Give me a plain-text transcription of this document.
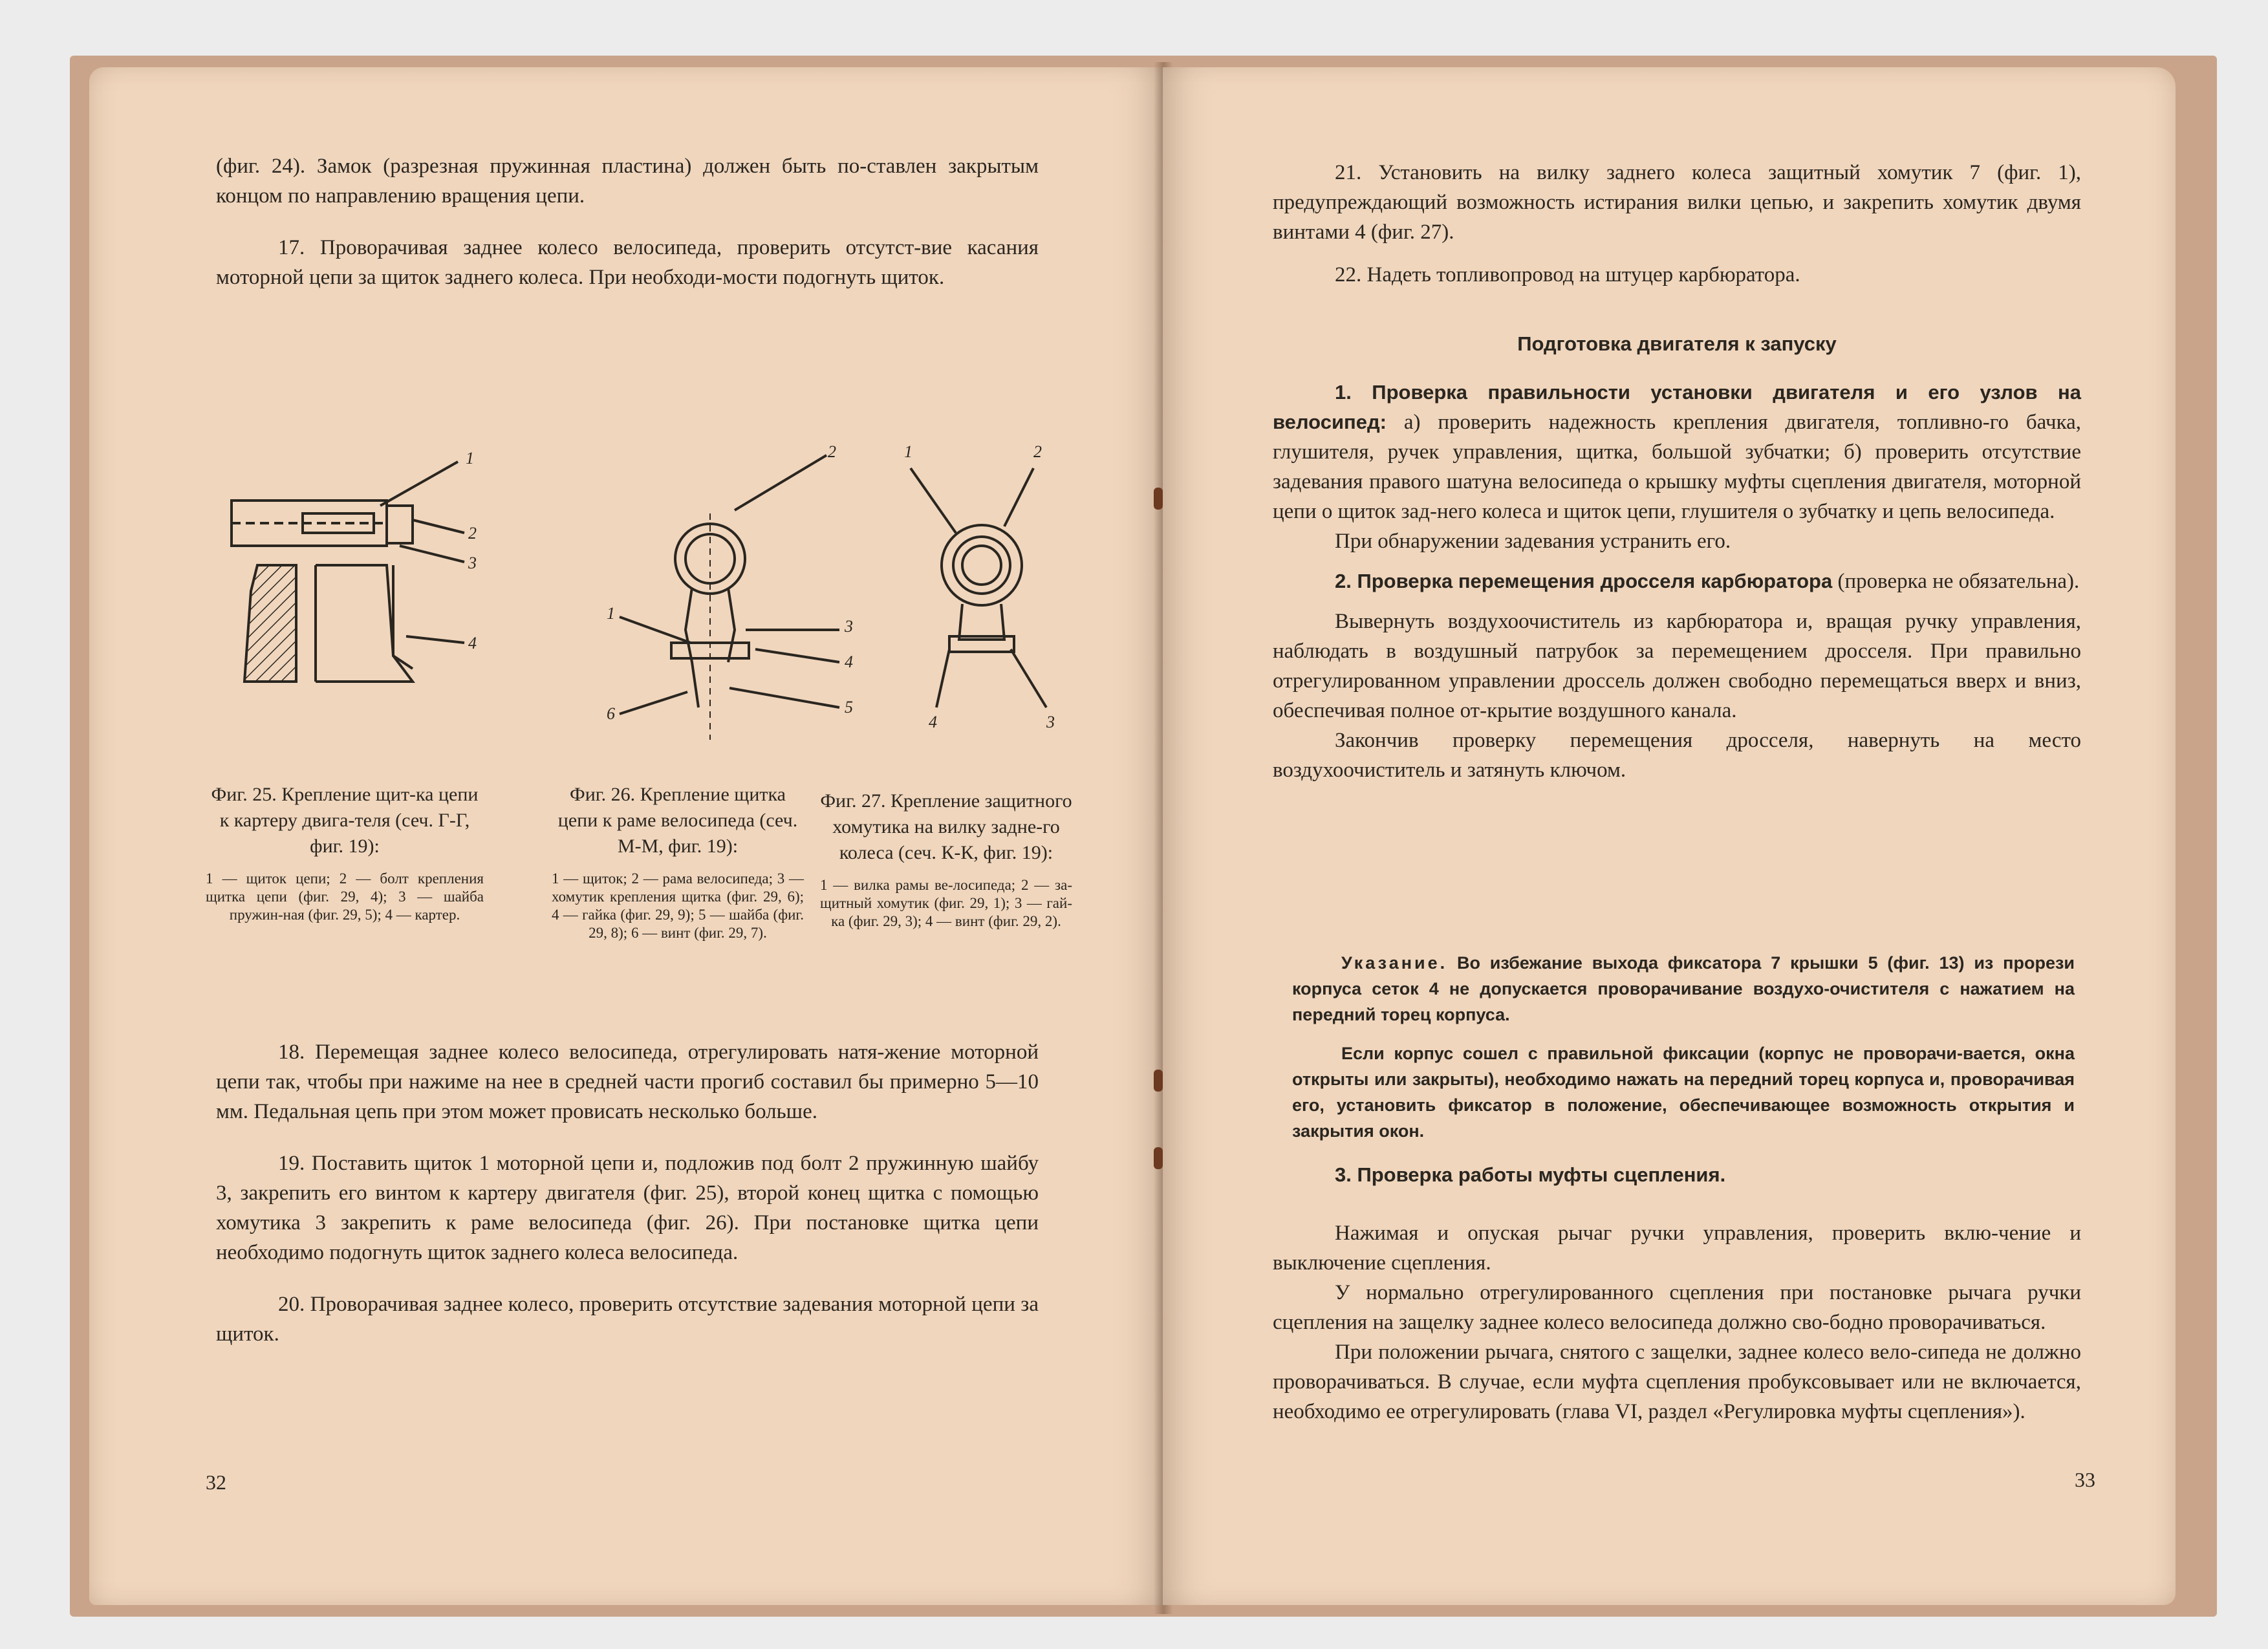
(фиг. 24). Замок (разрезная пружинная пластина) должен быть по-ставлен закрытым концом по направлению вращения цепи.

17. Проворачивая заднее колесо велосипеда, проверить отсутст-вие касания моторной цепи за щиток заднего колеса. При необходи-мости подогнуть щиток.

1
2
3
4
2
1
3
4
5
6
1	2
3
4
Фиг. 25. Крепление щит-ка цепи к картеру двига-теля (сеч. Г-Г, фиг. 19):
1 — щиток цепи; 2 — болт крепления щитка цепи (фиг. 29, 4); 3 — шайба пружин-ная (фиг. 29, 5); 4 — картер.
Фиг. 26. Крепление щитка цепи к раме велосипеда (сеч. М-М, фиг. 19):
1 — щиток; 2 — рама велосипеда; 3 — хомутик крепления щитка (фиг. 29, 6); 4 — гайка (фиг. 29, 9); 5 — шайба (фиг. 29, 8); 6 — винт (фиг. 29, 7).
Фиг. 27. Крепление защитного хомутика на вилку задне-го колеса (сеч. К-К, фиг. 19):
1 — вилка рамы ве-лосипеда; 2 — за-щитный хомутик (фиг. 29, 1); 3 — гай-ка (фиг. 29, 3); 4 — винт (фиг. 29, 2).

18. Перемещая заднее колесо велосипеда, отрегулировать натя-жение моторной цепи так, чтобы при нажиме на нее в средней части прогиб составил бы примерно 5—10 мм. Педальная цепь при этом может провисать несколько больше.

19. Поставить щиток 1 моторной цепи и, подложив под болт 2 пружинную шайбу 3, закрепить его винтом к картеру двигателя (фиг. 25), второй конец щитка с помощью хомутика 3 закрепить к раме велосипеда (фиг. 26). При постановке щитка цепи необходимо подогнуть щиток заднего колеса велосипеда.

20. Проворачивая заднее колесо, проверить отсутствие задевания моторной цепи за щиток.

32

21. Установить на вилку заднего колеса защитный хомутик 7 (фиг. 1), предупреждающий возможность истирания вилки цепью, и закрепить хомутик двумя винтами 4 (фиг. 27).

22. Надеть топливопровод на штуцер карбюратора.

Подготовка двигателя к запуску

1. Проверка правильности установки двигателя и его узлов на велосипед: а) проверить надежность крепления двигателя, топливно-го бачка, глушителя, ручек управления, щитка, большой зубчатки; б) проверить отсутствие задевания правого шатуна велосипеда о крышку муфты сцепления двигателя, моторной цепи о щиток зад-него колеса и щиток цепи, глушителя о зубчатку и цепь велосипеда.

При обнаружении задевания устранить его.

2. Проверка перемещения дросселя карбюратора (проверка не обязательна).

Вывернуть воздухоочиститель из карбюратора и, вращая ручку управления, наблюдать в воздушный патрубок за перемещением дросселя. При правильно отрегулированном управлении дроссель должен свободно перемещаться вверх и вниз, обеспечивая полное от-крытие воздушного канала.

Закончив проверку перемещения дросселя, навернуть на место воздухоочиститель и затянуть ключом.

Указание. Во избежание выхода фиксатора 7 крышки 5 (фиг. 13) из прорези корпуса сеток 4 не допускается проворачивание воздухо-очистителя с нажатием на передний торец корпуса.

Если корпус сошел с правильной фиксации (корпус не проворачи-вается, окна открыты или закрыты), необходимо нажать на передний торец корпуса и, проворачивая его, установить фиксатор в положение, обеспечивающее возможность открытия и закрытия окон.

3. Проверка работы муфты сцепления.

Нажимая и опуская рычаг ручки управления, проверить вклю-чение и выключение сцепления.

У нормально отрегулированного сцепления при постановке рычага ручки сцепления на защелку заднее колесо велосипеда должно сво-бодно проворачиваться.

При положении рычага, снятого с защелки, заднее колесо вело-сипеда не должно проворачиваться. В случае, если муфта сцепления пробуксовывает или не включается, необходимо ее отрегулировать (глава VI, раздел «Регулировка муфты сцепления»).

33
